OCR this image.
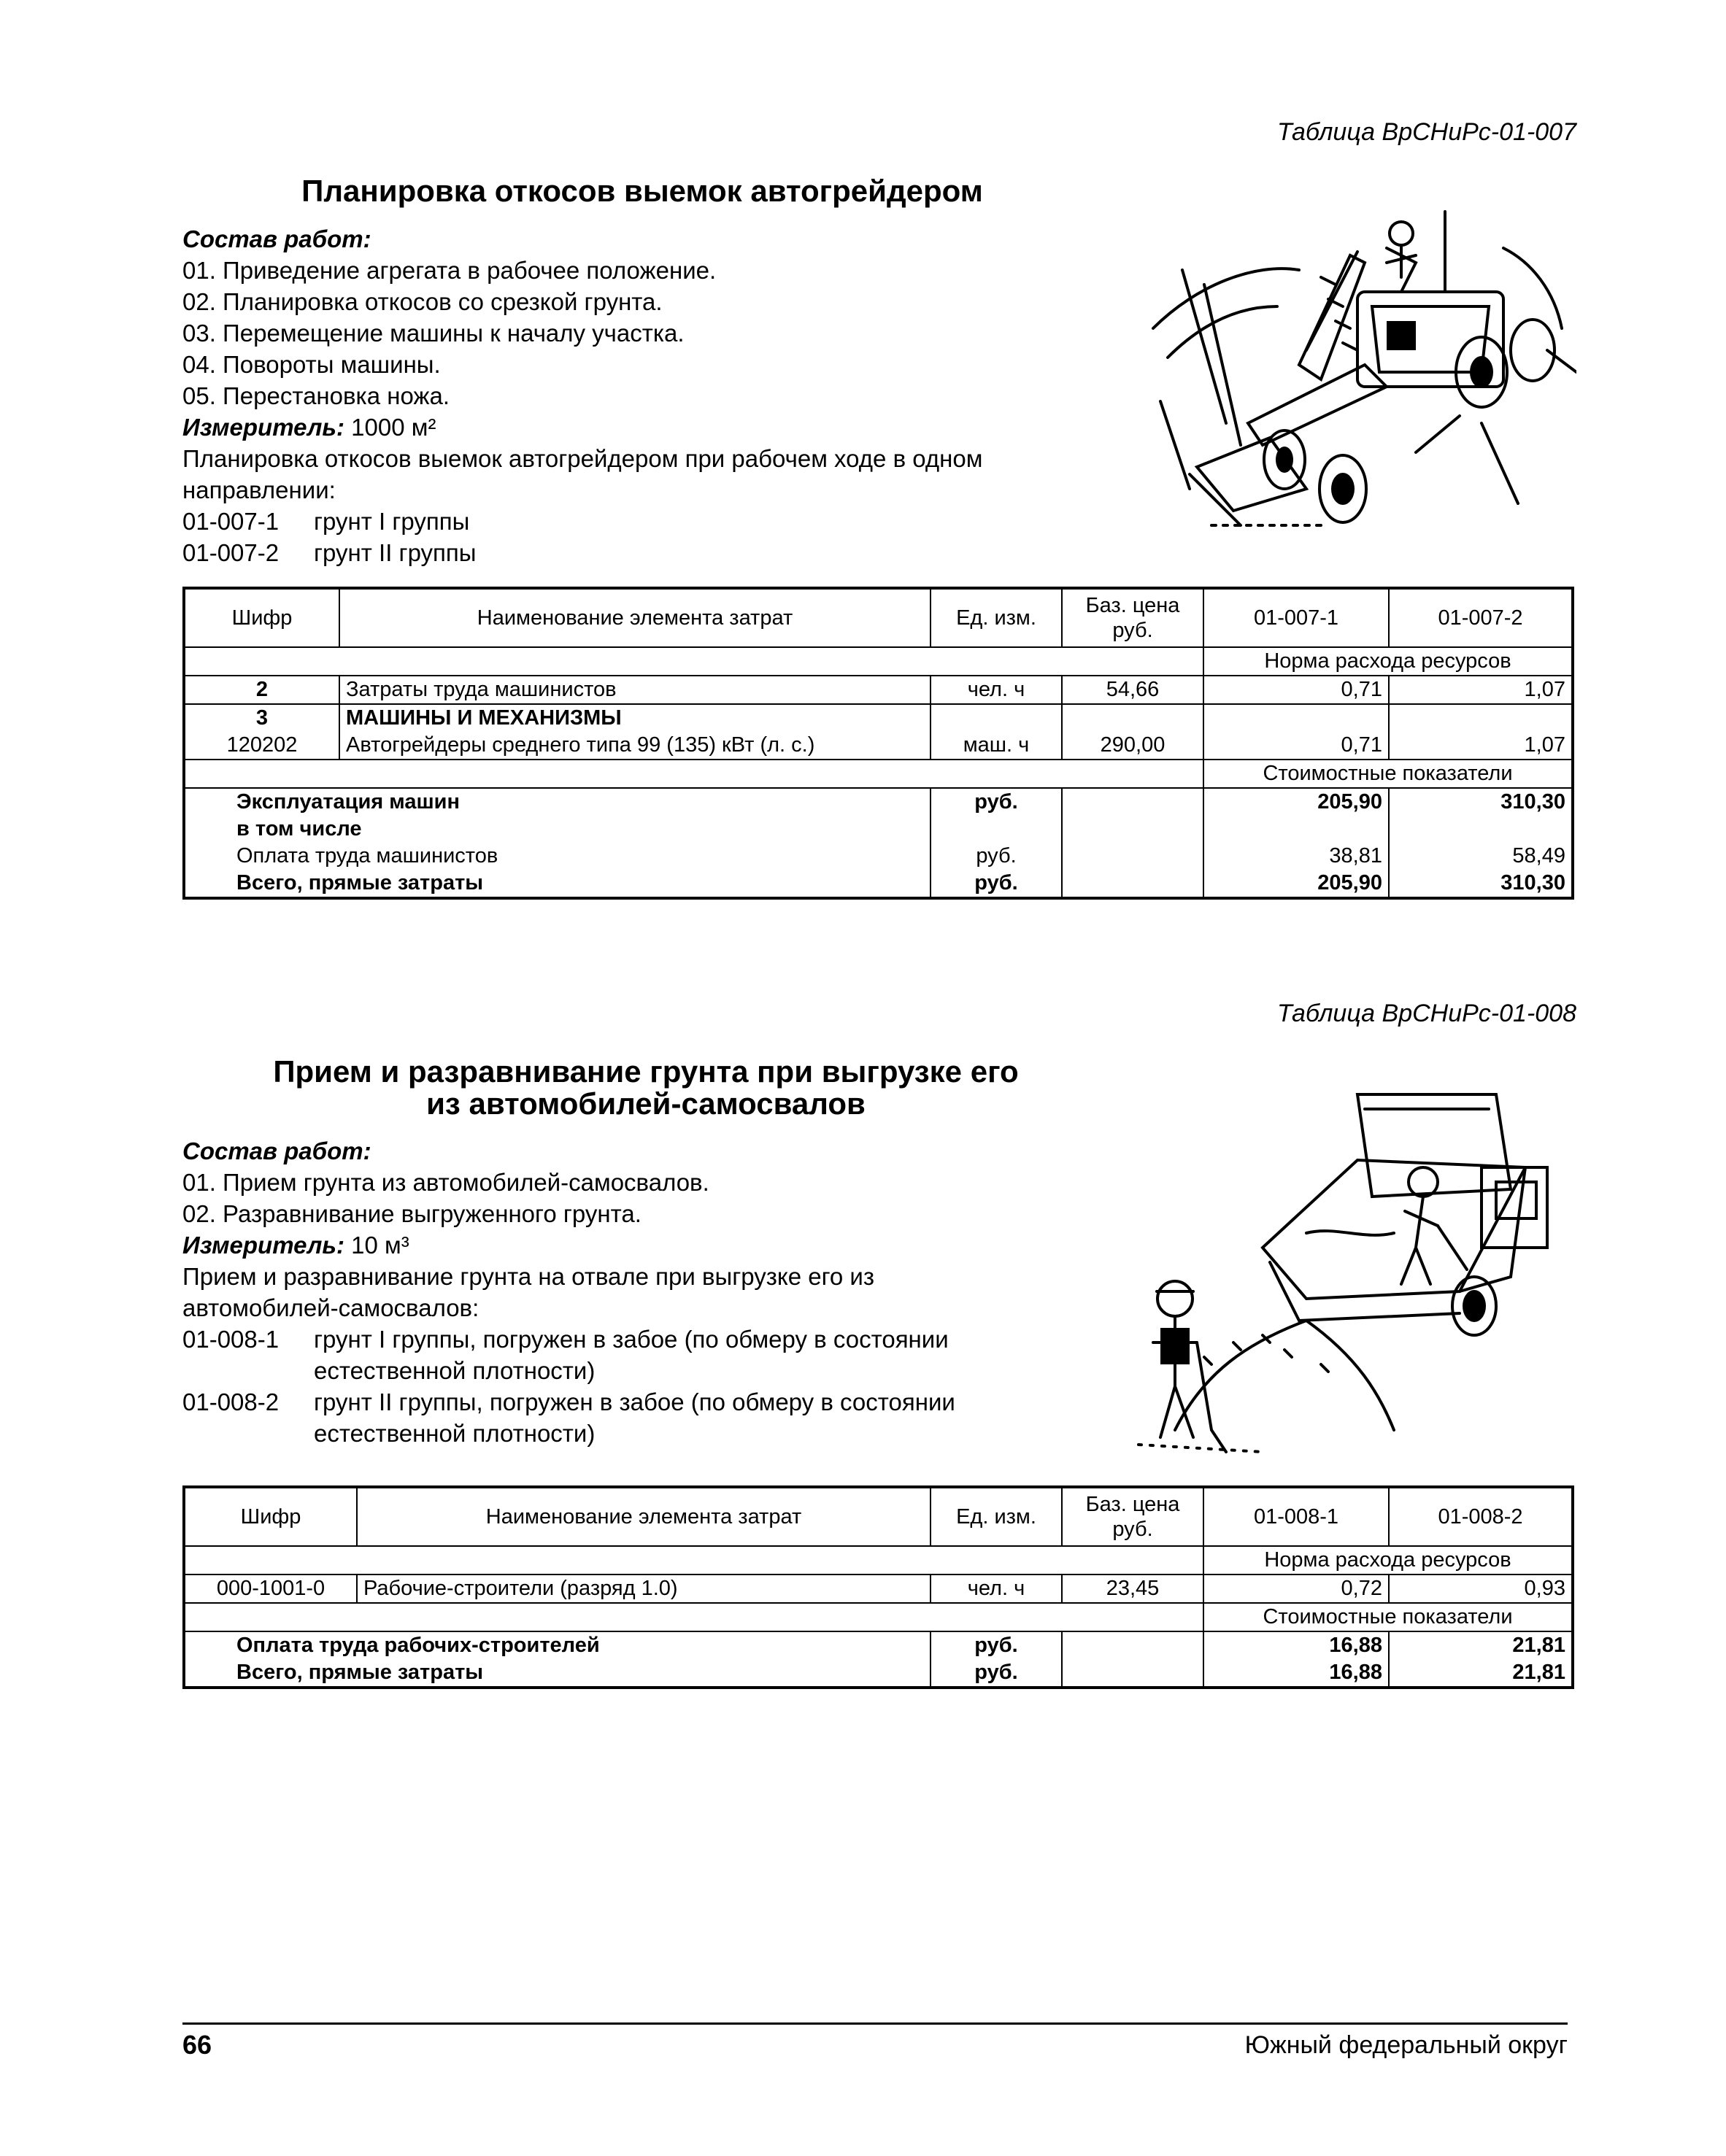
Таблица ВрСНиРс-01-007
Планировка откосов выемок автогрейдером
Состав работ:
01.
Приведение агрегата в рабочее положение.
02.
Планировка откосов со срезкой грунта.
03.
Перемещение машины к началу участка.
04.
Повороты машины.
05.
Перестановка ножа.
Измеритель: 1000 м²
Планировка откосов выемок автогрейдером при рабочем ходе в одном направлении:
01-007-1	грунт I группы
01-007-2	грунт II группы
Шифр	Наименование элемента затрат	Ед. изм.	Баз. цена руб.	01-007-1	01-007-2
				Норма расхода ресурсов	
2	Затраты труда машинистов	чел. ч	54,66	0,71	1,07
3	МАШИНЫ И МЕХАНИЗМЫ				
120202	Автогрейдеры среднего типа 99 (135) кВт (л. с.)	маш. ч	290,00	0,71	1,07
				Стоимостные показатели	
Эксплуатация машин		руб.		205,90	310,30
в том числе					
Оплата труда машинистов		руб.		38,81	58,49
Всего, прямые затраты		руб.		205,90	310,30
Таблица ВрСНиРс-01-008
Прием и разравнивание грунта при выгрузке его
из автомобилей-самосвалов
Состав работ:
01.
Прием грунта из автомобилей-самосвалов.
02.
Разравнивание выгруженного грунта.
Измеритель: 10 м³
Прием и разравнивание грунта на отвале при выгрузке его из автомобилей-самосвалов:
01-008-1	грунт I группы, погружен в забое (по обмеру в состоянии естественной плотности)
01-008-2	грунт II группы, погружен в забое (по обмеру в состоянии естественной плотности)
Шифр	Наименование элемента затрат	Ед. изм.	Баз. цена руб.	01-008-1	01-008-2
				Норма расхода ресурсов	
000-1001-0	Рабочие-строители (разряд 1.0)	чел. ч	23,45	0,72	0,93
				Стоимостные показатели	
Оплата труда рабочих-строителей		руб.		16,88	21,81
Всего, прямые затраты		руб.		16,88	21,81
66	Южный федеральный округ
